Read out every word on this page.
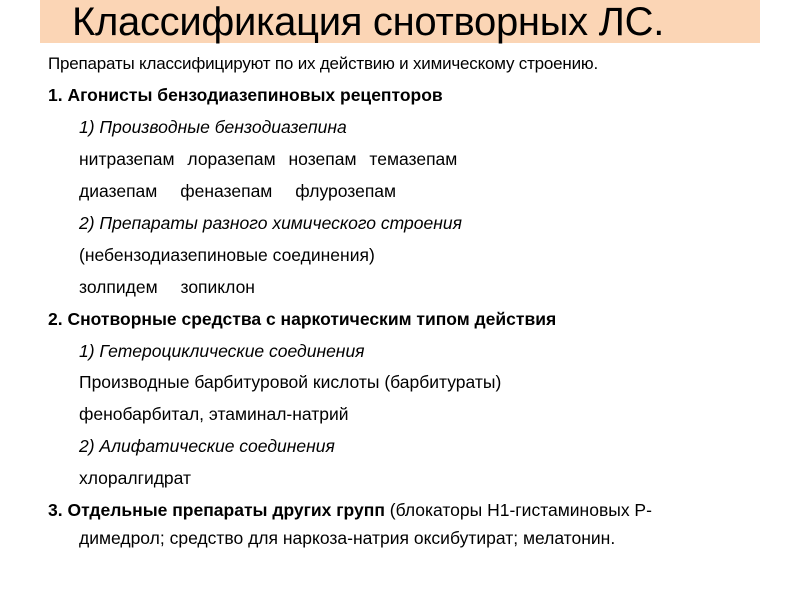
Классификация снотворных ЛС.
Препараты классифицируют по их действию и химическому строению.
1. Агонисты бензодиазепиновых рецепторов
1) Производные бензодиазепина
нитразепам лоразепам нозепам темазепам
диазепам феназепам флурозепам
2) Препараты разного химического строения
(небензодиазепиновые соединения)
золпидем зопиклон
2. Снотворные средства с наркотическим типом действия
1) Гетероциклические соединения
Производные барбитуровой кислоты (барбитураты)
фенобарбитал, этаминал-натрий
2) Алифатические соединения
хлоралгидрат
3. Отдельные препараты других групп (блокаторы Н1-гистаминовых Р-
димедрол; средство для наркоза-натрия оксибутират; мелатонин.
